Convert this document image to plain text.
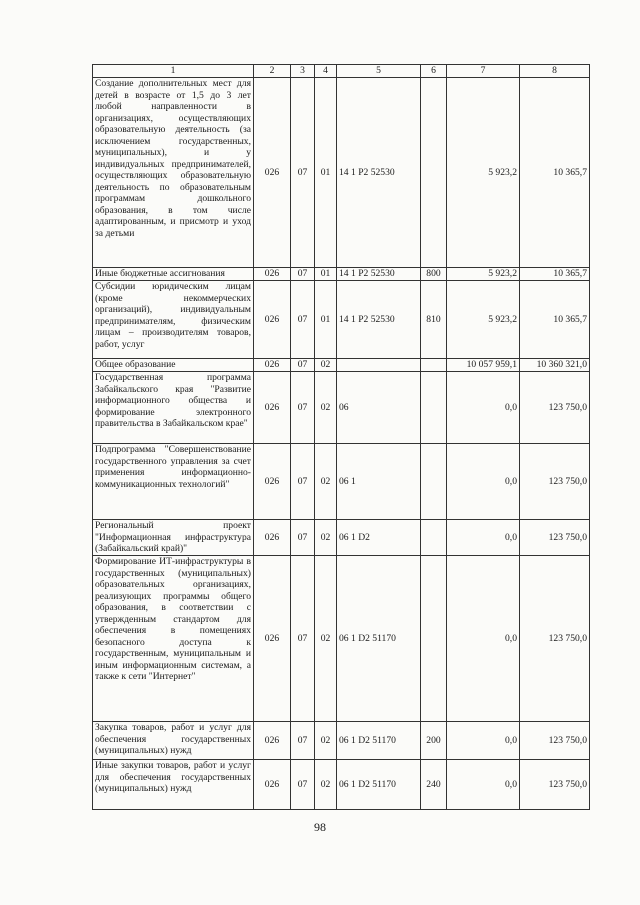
1	2	3	4	5	6	7	8
Создание дополнительных мест для детей в возрасте от 1,5 до 3 лет любой направленности в организациях, осуществляющих образовательную деятельность (за исключением государственных, муниципальных), и у индивидуальных предпринимателей, осуществляющих образовательную деятельность по образовательным программам дошкольного образования, в том числе адаптированным, и присмотр и уход за детьми	026	07	01	14 1 P2 52530		5 923,2	10 365,7
Иные бюджетные ассигнования	026	07	01	14 1 P2 52530	800	5 923,2	10 365,7
Субсидии юридическим лицам (кроме некоммерческих организаций), индивидуальным предпринимателям, физическим лицам – производителям товаров, работ, услуг	026	07	01	14 1 P2 52530	810	5 923,2	10 365,7
Общее образование	026	07	02			10 057 959,1	10 360 321,0
Государственная программа Забайкальского края "Развитие информационного общества и формирование электронного правительства в Забайкальском крае"	026	07	02	06		0,0	123 750,0
Подпрограмма "Совершенствование государственного управления за счет применения информационно-коммуникационных технологий"	026	07	02	06 1		0,0	123 750,0
Региональный проект "Информационная инфраструктура (Забайкальский край)"	026	07	02	06 1 D2		0,0	123 750,0
Формирование ИТ-инфраструктуры в государственных (муниципальных) образовательных организациях, реализующих программы общего образования, в соответствии с утвержденным стандартом для обеспечения в помещениях безопасного доступа к государственным, муниципальным и иным информационным системам, а также к сети "Интернет"	026	07	02	06 1 D2 51170		0,0	123 750,0
Закупка товаров, работ и услуг для обеспечения государственных (муниципальных) нужд	026	07	02	06 1 D2 51170	200	0,0	123 750,0
Иные закупки товаров, работ и услуг для обеспечения государственных (муниципальных) нужд	026	07	02	06 1 D2 51170	240	0,0	123 750,0
98
